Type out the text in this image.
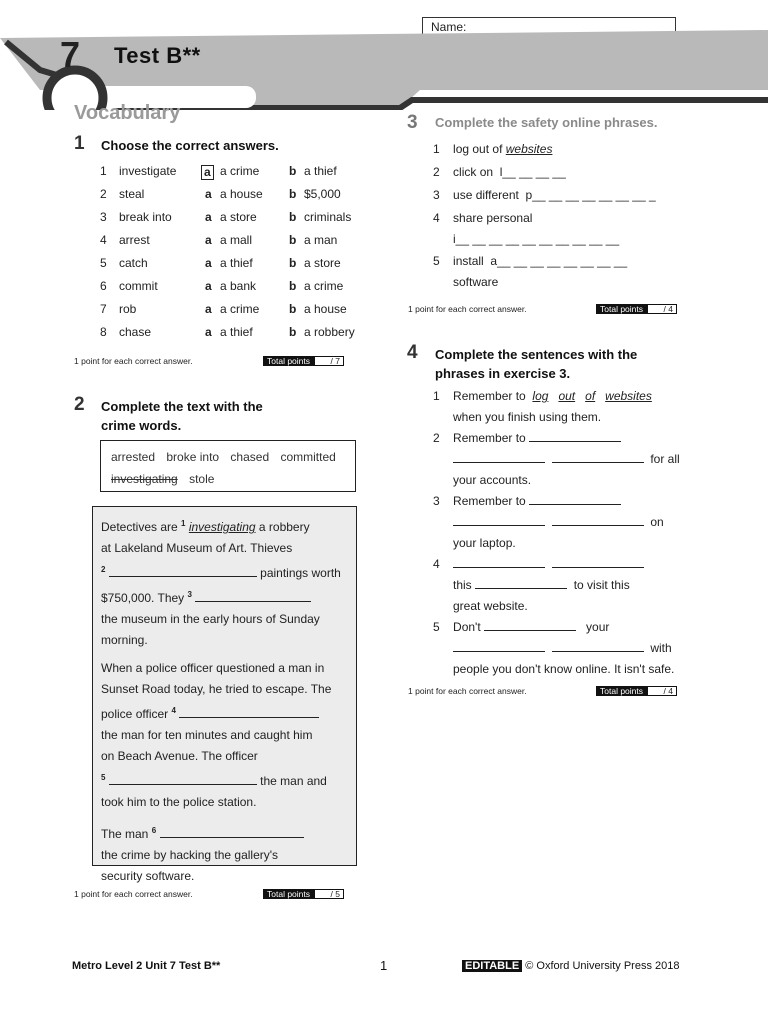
Name:
7 Test B**
Vocabulary
1 Choose the correct answers.
1 investigate a a crime b a thief
2 steal	a a house b $5,000
3 break into	a a store	b criminals
4 arrest	a a mall	b a man
5 catch	a a thief	b a store
6 commit	a a bank	b a crime
7 rob	a a crime b a house
8 chase	a a thief	b a robbery
1 point for each correct answer.	Total points	/ 7
2 Complete the text with the
crime words.
arrested broke into chased committed
investigating stole

Detectives are $^1$ investigating a robbery
at Lakeland Museum of Art. Thieves
$^2$	paintings worth
$750,000. They $^3$
the museum in the early hours of Sunday
morning.

When a police officer questioned a man in
Sunset Road today, he tried to escape. The
police officer $^4$
the man for ten minutes and caught him
on Beach Avenue. The officer
$^5$	the man and
took him to the police station.

The man $^6$
the crime by hacking the gallery's
security software.

1 point for each correct answer.	Total points	/ 5
3 Complete the safety online phrases.
1 log out of websites
2 click on l__ __ __ __
3 use different p__ __ __ __ __ __ __ _
4 share personal
i__ __ __ __ __ __ __ __ __ __
5 install a__ __ __ __ __ __ __ __
software
1 point for each correct answer.	Total points	/ 4
4 Complete the sentences with the
phrases in exercise 3.
1 Remember to log out of websites
when you finish using them.
2 Remember to
for all
your accounts.
3 Remember to
on
your laptop.
4
this	to visit this
great website.
5 Don't	your
with
people you don't know online. It isn't safe.
1 point for each correct answer.	Total points	/ 4
Metro Level 2 Unit 7 Test B**	1	EDITABLE © Oxford University Press 2018
